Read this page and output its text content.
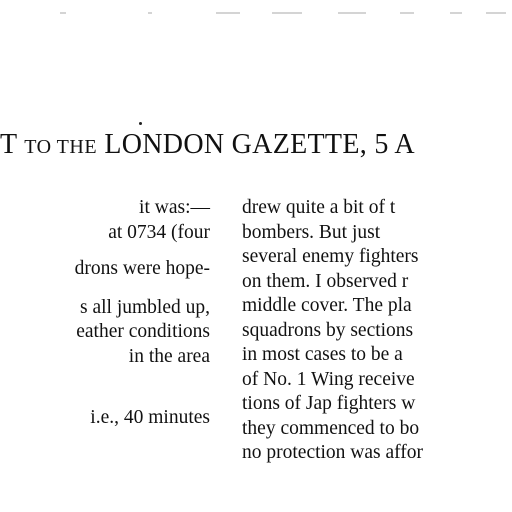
T TO THE LONDON GAZETTE, 5 A
it was:—
at 0734 (four
drons were hope-
s all jumbled up,
eather conditions
in the area
i.e., 40 minutes
drew quite a bit of t
bombers. But just
several enemy fighters
on them. I observed r
middle cover. The pla
squadrons by sections
in most cases to be a
of No. 1 Wing receive
tions of Jap fighters w
they commenced to bo
no protection was affor
